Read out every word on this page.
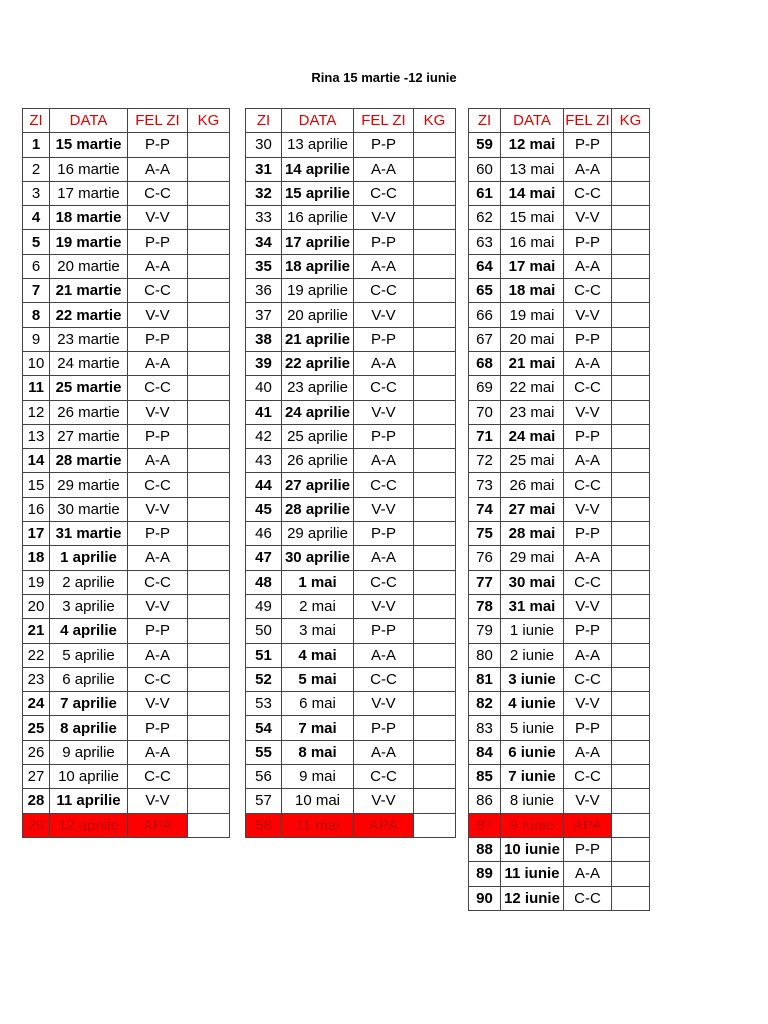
Rina 15 martie -12 iunie
ZI	DATA	FEL ZI	KG
1	15 martie	P-P	
2	16 martie	A-A	
3	17 martie	C-C	
4	18 martie	V-V	
5	19 martie	P-P	
6	20 martie	A-A	
7	21 martie	C-C	
8	22 martie	V-V	
9	23 martie	P-P	
10	24 martie	A-A	
11	25 martie	C-C	
12	26 martie	V-V	
13	27 martie	P-P	
14	28 martie	A-A	
15	29 martie	C-C	
16	30 martie	V-V	
17	31 martie	P-P	
18	1 aprilie	A-A	
19	2 aprilie	C-C	
20	3 aprilie	V-V	
21	4 aprilie	P-P	
22	5 aprilie	A-A	
23	6 aprilie	C-C	
24	7 aprilie	V-V	
25	8 aprilie	P-P	
26	9 aprilie	A-A	
27	10 aprilie	C-C	
28	11 aprilie	V-V	
29	12 aprilie	APA	
ZI	DATA	FEL ZI	KG
30	13 aprilie	P-P	
31	14 aprilie	A-A	
32	15 aprilie	C-C	
33	16 aprilie	V-V	
34	17 aprilie	P-P	
35	18 aprilie	A-A	
36	19 aprilie	C-C	
37	20 aprilie	V-V	
38	21 aprilie	P-P	
39	22 aprilie	A-A	
40	23 aprilie	C-C	
41	24 aprilie	V-V	
42	25 aprilie	P-P	
43	26 aprilie	A-A	
44	27 aprilie	C-C	
45	28 aprilie	V-V	
46	29 aprilie	P-P	
47	30 aprilie	A-A	
48	1 mai	C-C	
49	2 mai	V-V	
50	3 mai	P-P	
51	4 mai	A-A	
52	5 mai	C-C	
53	6 mai	V-V	
54	7 mai	P-P	
55	8 mai	A-A	
56	9 mai	C-C	
57	10 mai	V-V	
58	11 mai	APA	
ZI	DATA	FEL ZI	KG
59	12 mai	P-P	
60	13 mai	A-A	
61	14 mai	C-C	
62	15 mai	V-V	
63	16 mai	P-P	
64	17 mai	A-A	
65	18 mai	C-C	
66	19 mai	V-V	
67	20 mai	P-P	
68	21 mai	A-A	
69	22 mai	C-C	
70	23 mai	V-V	
71	24 mai	P-P	
72	25 mai	A-A	
73	26 mai	C-C	
74	27 mai	V-V	
75	28 mai	P-P	
76	29 mai	A-A	
77	30 mai	C-C	
78	31 mai	V-V	
79	1 iunie	P-P	
80	2 iunie	A-A	
81	3 iunie	C-C	
82	4 iunie	V-V	
83	5 iunie	P-P	
84	6 iunie	A-A	
85	7 iunie	C-C	
86	8 iunie	V-V	
87	9 iunie	APA	
88	10 iunie	P-P	
89	11 iunie	A-A	
90	12 iunie	C-C	
